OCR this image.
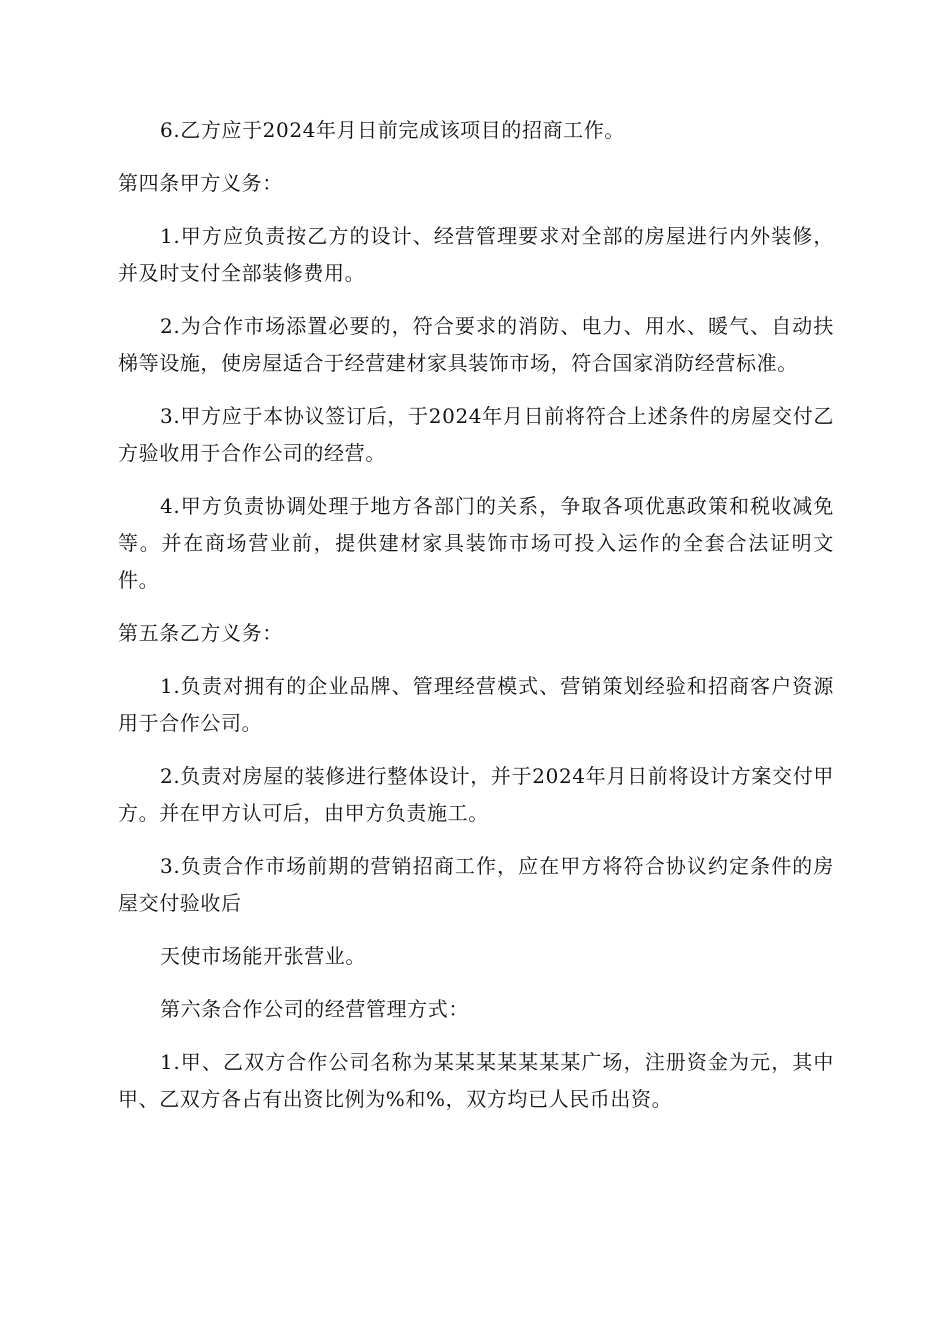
6.乙方应于2024年月日前完成该项目的招商工作。

第四条甲方义务：

1.甲方应负责按乙方的设计、经营管理要求对全部的房屋进行内外装修，并及时支付全部装修费用。

2.为合作市场添置必要的，符合要求的消防、电力、用水、暖气、自动扶梯等设施，使房屋适合于经营建材家具装饰市场，符合国家消防经营标准。

3.甲方应于本协议签订后，于2024年月日前将符合上述条件的房屋交付乙方验收用于合作公司的经营。

4.甲方负责协调处理于地方各部门的关系，争取各项优惠政策和税收减免等。并在商场营业前，提供建材家具装饰市场可投入运作的全套合法证明文件。

第五条乙方义务：

1.负责对拥有的企业品牌、管理经营模式、营销策划经验和招商客户资源用于合作公司。

2.负责对房屋的装修进行整体设计，并于2024年月日前将设计方案交付甲方。并在甲方认可后，由甲方负责施工。

3.负责合作市场前期的营销招商工作，应在甲方将符合协议约定条件的房屋交付验收后

天使市场能开张营业。

第六条合作公司的经营管理方式：

1.甲、乙双方合作公司名称为某某某某某某某广场，注册资金为元，其中甲、乙双方各占有出资比例为%和%，双方均已人民币出资。
